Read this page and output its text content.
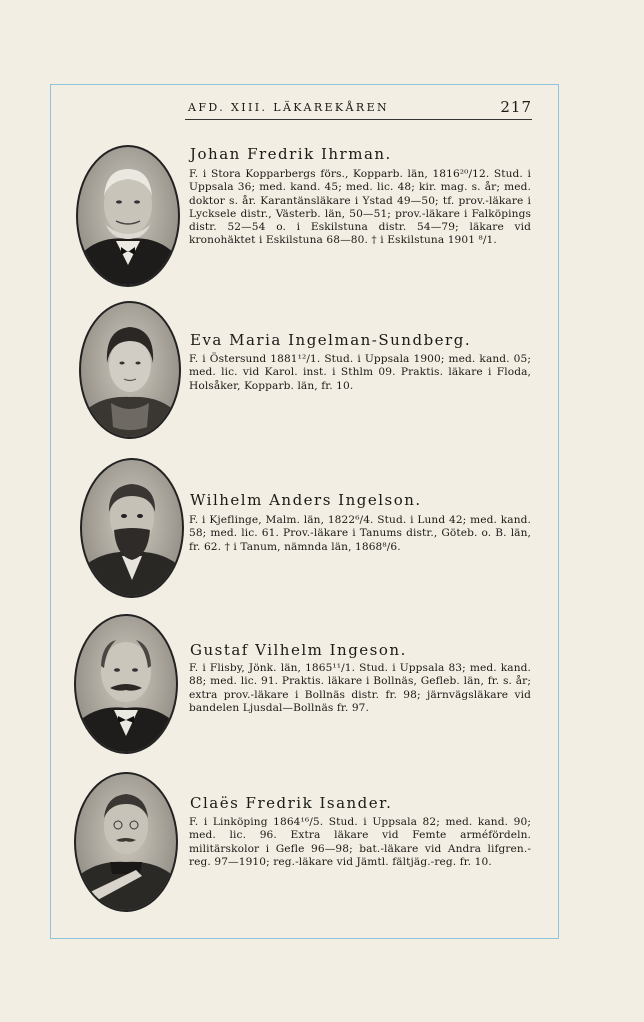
AFD. XIII. LÄKAREKÅREN	217
Johan Fredrik Ihrman.
F. i Stora Kopparbergs förs., Kopparb. län, 1816²⁰/12. Stud. i Uppsala 36; med. kand. 45; med. lic. 48; kir. mag. s. år; med. doktor s. år. Karantänsläkare i Ystad 49—50; tf. prov.-läkare i Lycksele distr., Västerb. län, 50—51; prov.-läkare i Falköpings distr. 52—54 o. i Eskilstuna distr. 54—79; läkare vid kronohäktet i Eskilstuna 68—80. † i Eskilstuna 1901 ⁸/1.
Eva Maria Ingelman-Sundberg.
F. i Östersund 1881¹²/1. Stud. i Uppsala 1900; med. kand. 05; med. lic. vid Karol. inst. i Sthlm 09. Praktis. läkare i Floda, Holsåker, Kopparb. län, fr. 10.
Wilhelm Anders Ingelson.
F. i Kjeflinge, Malm. län, 1822⁶/4. Stud. i Lund 42; med. kand. 58; med. lic. 61. Prov.-läkare i Tanums distr., Göteb. o. B. län, fr. 62. † i Tanum, nämnda län, 1868⁸/6.
Gustaf Vilhelm Ingeson.
F. i Flisby, Jönk. län, 1865¹¹/1. Stud. i Uppsala 83; med. kand. 88; med. lic. 91. Praktis. läkare i Bollnäs, Gefleb. län, fr. s. år; extra prov.-läkare i Bollnäs distr. fr. 98; järnvägsläkare vid bandelen Ljusdal—Bollnäs fr. 97.
Claës Fredrik Isander.
F. i Linköping 1864¹⁶/5. Stud. i Uppsala 82; med. kand. 90; med. lic. 96. Extra läkare vid Femte arméfördeln. militärskolor i Gefle 96—98; bat.-läkare vid Andra lifgren.-reg. 97—1910; reg.-läkare vid Jämtl. fältjäg.-reg. fr. 10.
